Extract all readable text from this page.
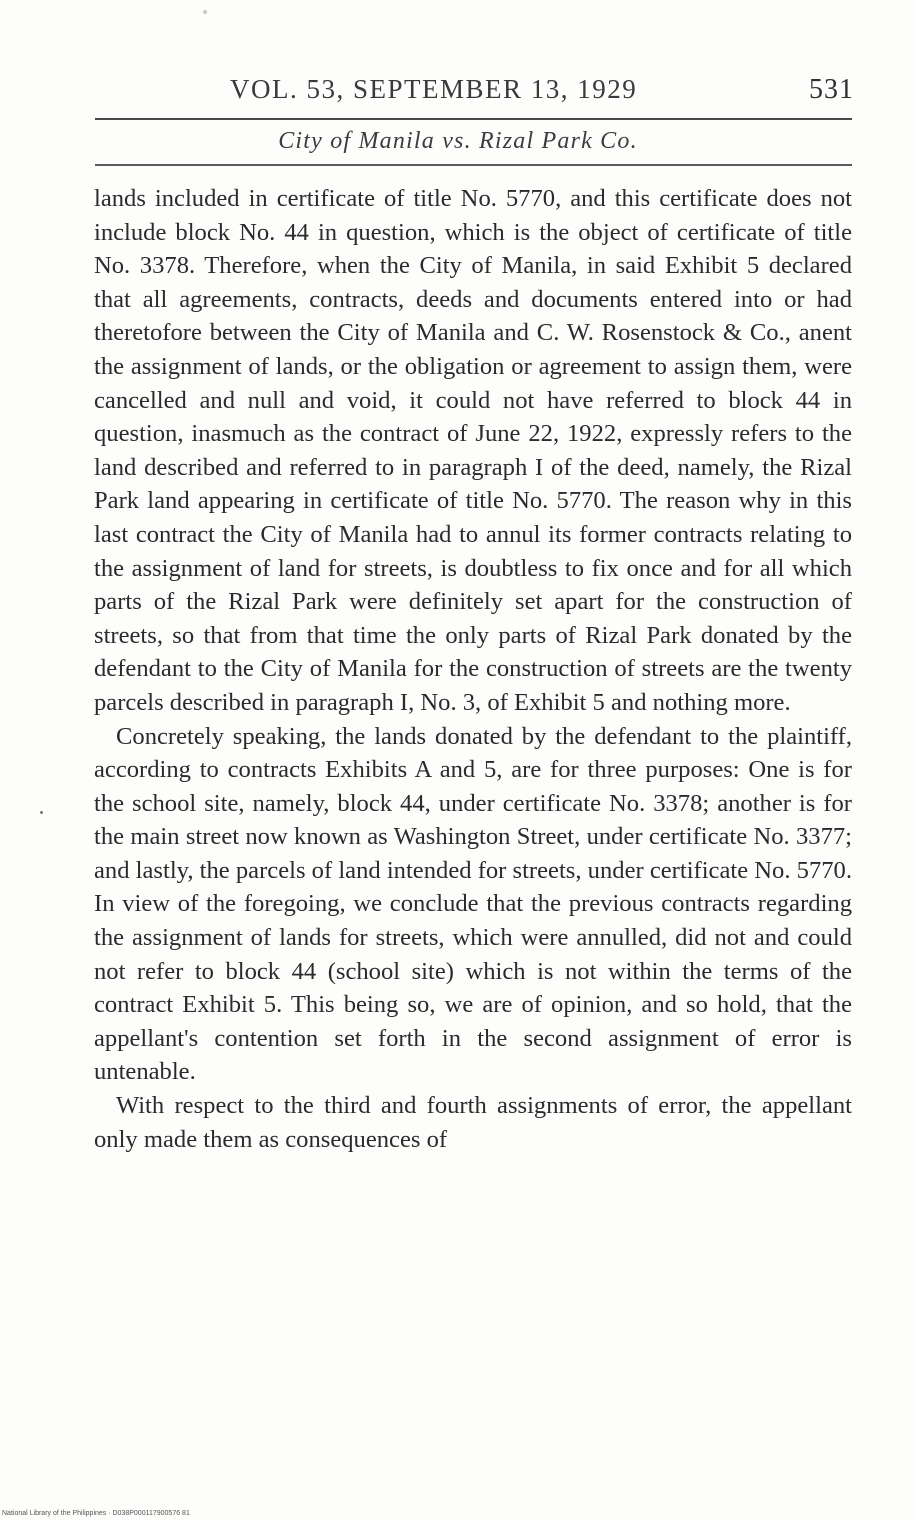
VOL. 53, SEPTEMBER 13, 1929	531
City of Manila vs. Rizal Park Co.

lands included in certificate of title No. 5770, and this certificate does not include block No. 44 in question, which is the object of certificate of title No. 3378. Therefore, when the City of Manila, in said Exhibit 5 declared that all agreements, contracts, deeds and documents entered into or had theretofore between the City of Manila and C. W. Rosenstock & Co., anent the assignment of lands, or the obligation or agreement to assign them, were cancelled and null and void, it could not have referred to block 44 in question, inasmuch as the contract of June 22, 1922, expressly refers to the land described and referred to in paragraph I of the deed, namely, the Rizal Park land appearing in certificate of title No. 5770. The reason why in this last contract the City of Manila had to annul its former contracts relating to the assignment of land for streets, is doubtless to fix once and for all which parts of the Rizal Park were definitely set apart for the construction of streets, so that from that time the only parts of Rizal Park donated by the defendant to the City of Manila for the construction of streets are the twenty parcels described in paragraph I, No. 3, of Exhibit 5 and nothing more.

Concretely speaking, the lands donated by the defendant to the plaintiff, according to contracts Exhibits A and 5, are for three purposes: One is for the school site, namely, block 44, under certificate No. 3378; another is for the main street now known as Washington Street, under certificate No. 3377; and lastly, the parcels of land intended for streets, under certificate No. 5770. In view of the foregoing, we conclude that the previous contracts regarding the assignment of lands for streets, which were annulled, did not and could not refer to block 44 (school site) which is not within the terms of the contract Exhibit 5. This being so, we are of opinion, and so hold, that the appellant's contention set forth in the second assignment of error is untenable.

With respect to the third and fourth assignments of error, the appellant only made them as consequences of

National Library of the Philippines · D038P000117900576 81
